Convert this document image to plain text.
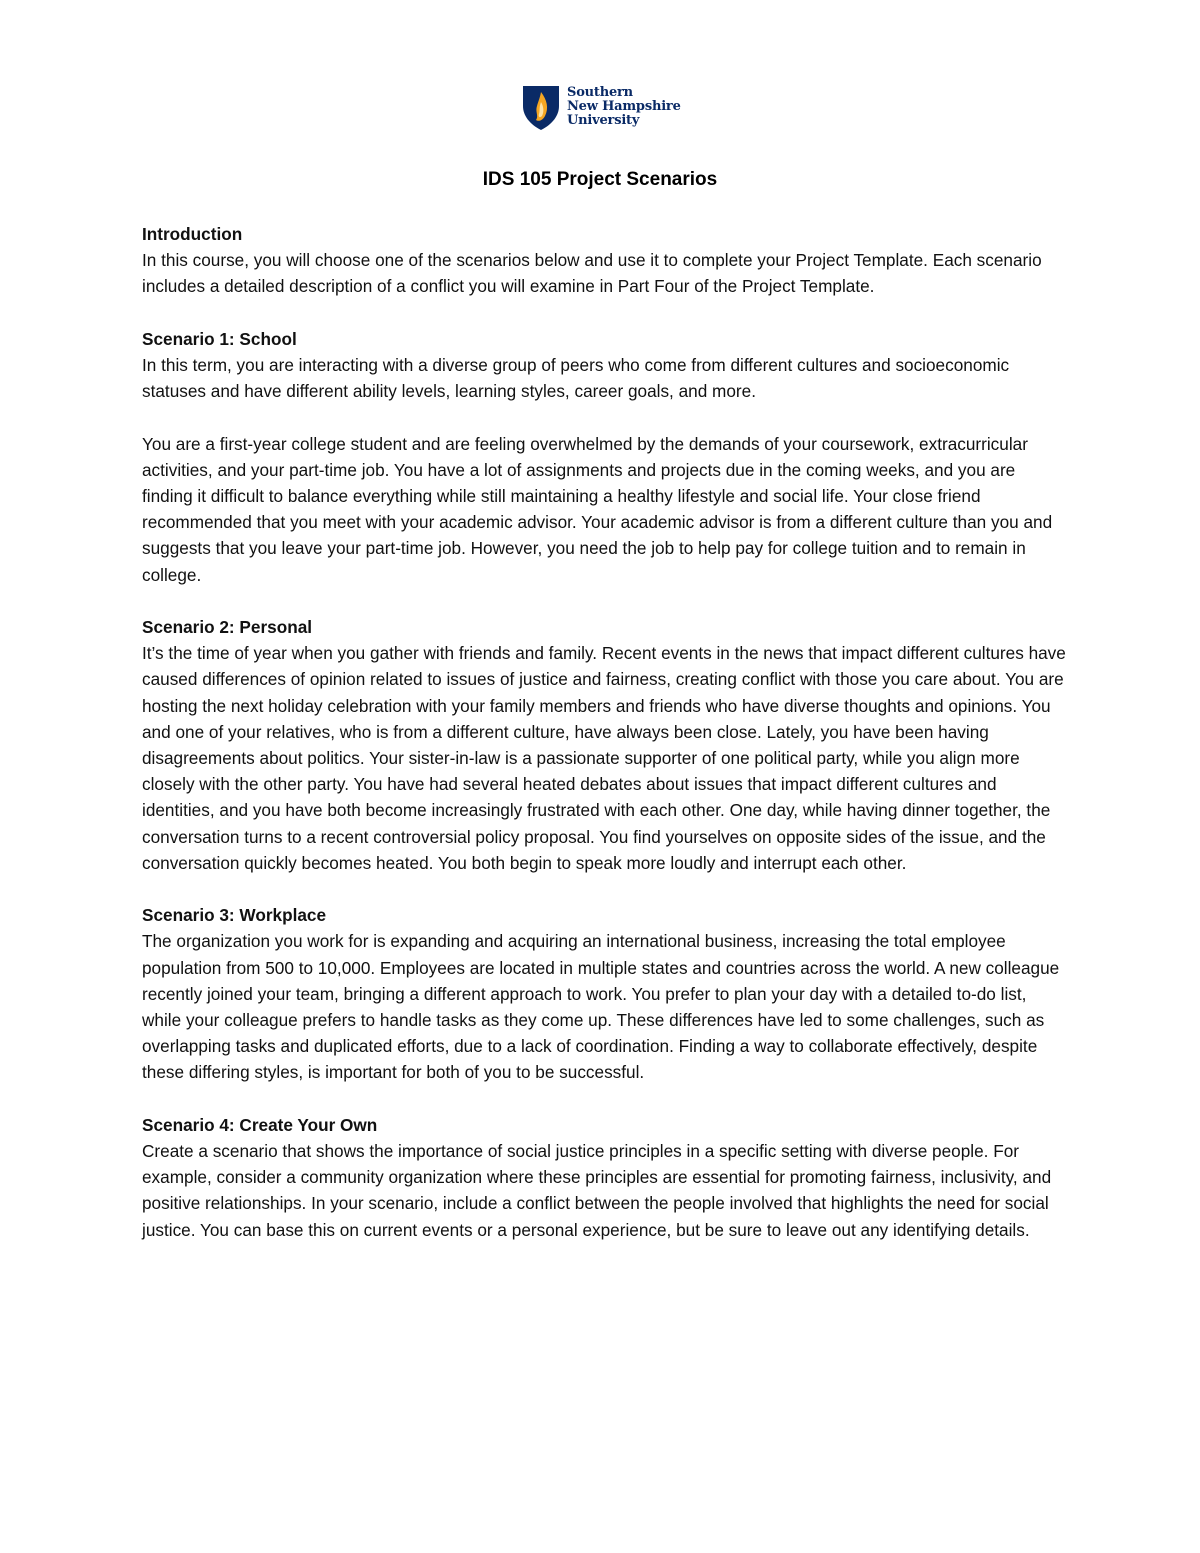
Southern
New Hampshire
University
IDS 105 Project Scenarios

Introduction

In this course, you will choose one of the scenarios below and use it to complete your Project Template. Each scenario includes a detailed description of a conflict you will examine in Part Four of the Project Template.

Scenario 1: School

In this term, you are interacting with a diverse group of peers who come from different cultures and socioeconomic statuses and have different ability levels, learning styles, career goals, and more.

You are a first-year college student and are feeling overwhelmed by the demands of your coursework, extracurricular activities, and your part-time job. You have a lot of assignments and projects due in the coming weeks, and you are finding it difficult to balance everything while still maintaining a healthy lifestyle and social life. Your close friend recommended that you meet with your academic advisor. Your academic advisor is from a different culture than you and suggests that you leave your part-time job. However, you need the job to help pay for college tuition and to remain in college.

Scenario 2: Personal

It’s the time of year when you gather with friends and family. Recent events in the news that impact different cultures have caused differences of opinion related to issues of justice and fairness, creating conflict with those you care about. You are hosting the next holiday celebration with your family members and friends who have diverse thoughts and opinions. You and one of your relatives, who is from a different culture, have always been close. Lately, you have been having disagreements about politics. Your sister-in-law is a passionate supporter of one political party, while you align more closely with the other party. You have had several heated debates about issues that impact different cultures and identities, and you have both become increasingly frustrated with each other. One day, while having dinner together, the conversation turns to a recent controversial policy proposal. You find yourselves on opposite sides of the issue, and the conversation quickly becomes heated. You both begin to speak more loudly and interrupt each other.

Scenario 3: Workplace

The organization you work for is expanding and acquiring an international business, increasing the total employee population from 500 to 10,000. Employees are located in multiple states and countries across the world. A new colleague recently joined your team, bringing a different approach to work. You prefer to plan your day with a detailed to-do list, while your colleague prefers to handle tasks as they come up. These differences have led to some challenges, such as overlapping tasks and duplicated efforts, due to a lack of coordination. Finding a way to collaborate effectively, despite these differing styles, is important for both of you to be successful.

Scenario 4: Create Your Own

Create a scenario that shows the importance of social justice principles in a specific setting with diverse people. For example, consider a community organization where these principles are essential for promoting fairness, inclusivity, and positive relationships. In your scenario, include a conflict between the people involved that highlights the need for social justice. You can base this on current events or a personal experience, but be sure to leave out any identifying details.
